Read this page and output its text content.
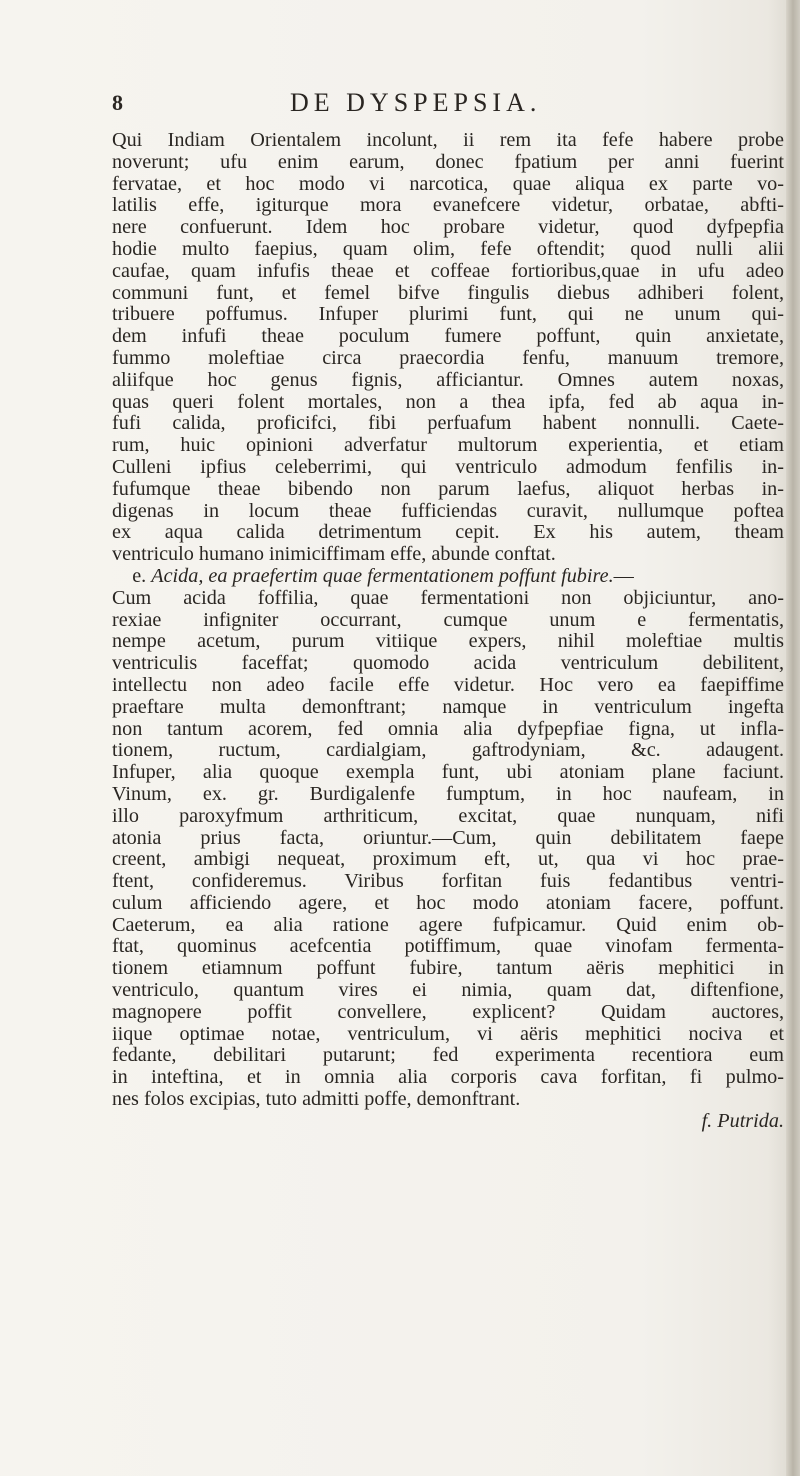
8	DE DYSPEPSIA.
Qui Indiam Orientalem incolunt, ii rem ita fefe habere probe
noverunt; ufu enim earum, donec fpatium per anni fuerint
fervatae, et hoc modo vi narcotica, quae aliqua ex parte vo-
latilis effe, igiturque mora evanefcere videtur, orbatae, abfti-
nere confuerunt. Idem hoc probare videtur, quod dyfpepfia
hodie multo faepius, quam olim, fefe oftendit; quod nulli alii
caufae, quam infufis theae et coffeae fortioribus,quae in ufu adeo
communi funt, et femel bifve fingulis diebus adhiberi folent,
tribuere poffumus. Infuper plurimi funt, qui ne unum qui-
dem infufi theae poculum fumere poffunt, quin anxietate,
fummo moleftiae circa praecordia fenfu, manuum tremore,
aliifque hoc genus fignis, afficiantur. Omnes autem noxas,
quas queri folent mortales, non a thea ipfa, fed ab aqua in-
fufi calida, proficifci, fibi perfuafum habent nonnulli. Caete-
rum, huic opinioni adverfatur multorum experientia, et etiam
Culleni ipfius celeberrimi, qui ventriculo admodum fenfilis in-
fufumque theae bibendo non parum laefus, aliquot herbas in-
digenas in locum theae fufficiendas curavit, nullumque poftea
ex aqua calida detrimentum cepit. Ex his autem, theam
ventriculo humano inimiciffimam effe, abunde conftat.
 e. Acida, ea praefertim quae fermentationem poffunt fubire.—
Cum acida foffilia, quae fermentationi non objiciuntur, ano-
rexiae infigniter occurrant, cumque unum e fermentatis,
nempe acetum, purum vitiique expers, nihil moleftiae multis
ventriculis faceffat; quomodo acida ventriculum debilitent,
intellectu non adeo facile effe videtur. Hoc vero ea faepiffime
praeftare multa demonftrant; namque in ventriculum ingefta
non tantum acorem, fed omnia alia dyfpepfiae figna, ut infla-
tionem, ructum, cardialgiam, gaftrodyniam, &c. adaugent.
Infuper, alia quoque exempla funt, ubi atoniam plane faciunt.
Vinum, ex. gr. Burdigalenfe fumptum, in hoc naufeam, in
illo paroxyfmum arthriticum, excitat, quae nunquam, nifi
atonia prius facta, oriuntur.—Cum, quin debilitatem faepe
creent, ambigi nequeat, proximum eft, ut, qua vi hoc prae-
ftent, confideremus. Viribus forfitan fuis fedantibus ventri-
culum afficiendo agere, et hoc modo atoniam facere, poffunt.
Caeterum, ea alia ratione agere fufpicamur. Quid enim ob-
ftat, quominus acefcentia potiffimum, quae vinofam fermenta-
tionem etiamnum poffunt fubire, tantum aëris mephitici in
ventriculo, quantum vires ei nimia, quam dat, diftenfione,
magnopere poffit convellere, explicent? Quidam auctores,
iique optimae notae, ventriculum, vi aëris mephitici nociva et
fedante, debilitari putarunt; fed experimenta recentiora eum
in inteftina, et in omnia alia corporis cava forfitan, fi pulmo-
nes folos excipias, tuto admitti poffe, demonftrant.
f. Putrida.
